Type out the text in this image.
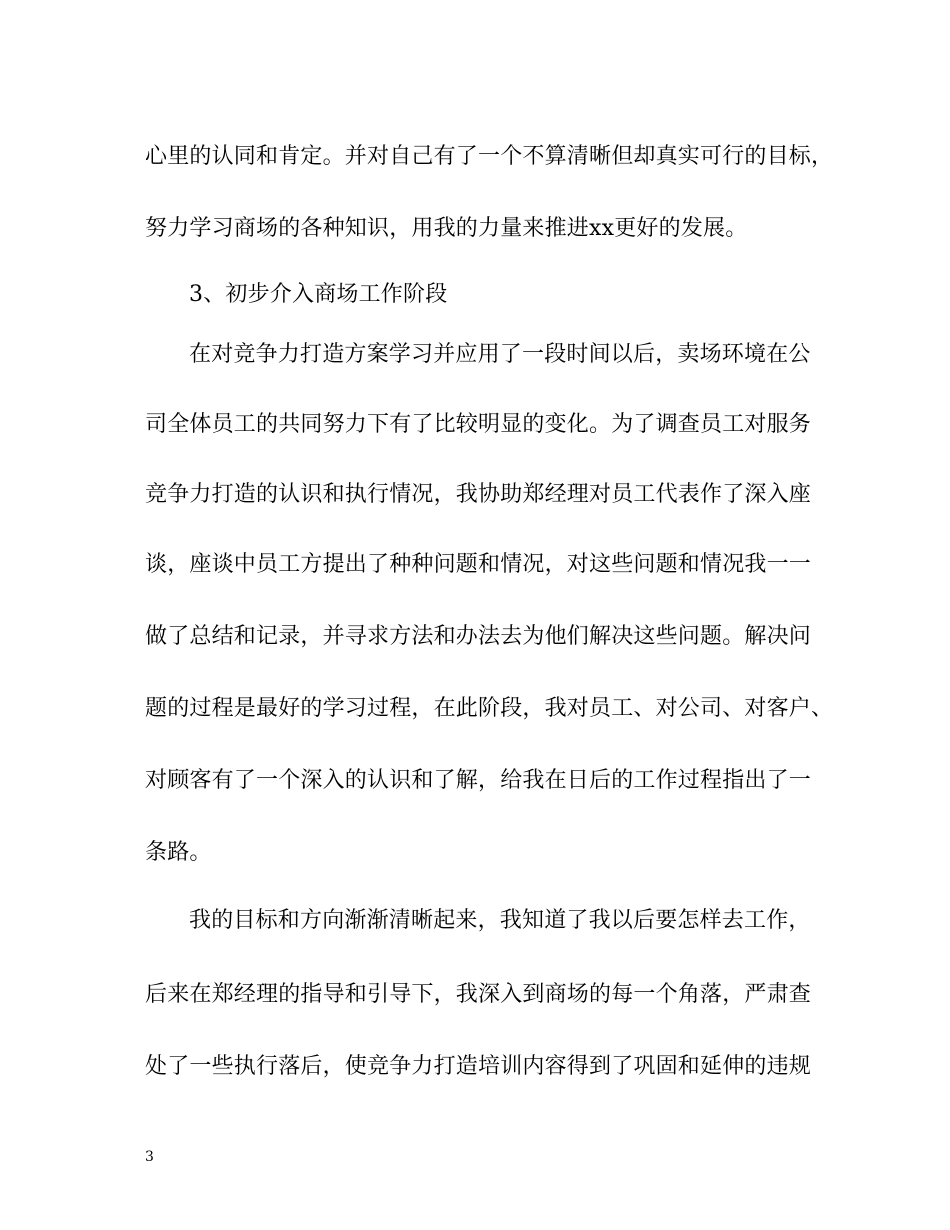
心里的认同和肯定。并对自己有了一个不算清晰但却真实可行的目标，
努力学习商场的各种知识，用我的力量来推进xx更好的发展。
3、初步介入商场工作阶段
在对竞争力打造方案学习并应用了一段时间以后，卖场环境在公
司全体员工的共同努力下有了比较明显的变化。为了调查员工对服务
竞争力打造的认识和执行情况，我协助郑经理对员工代表作了深入座
谈，座谈中员工方提出了种种问题和情况，对这些问题和情况我一一
做了总结和记录，并寻求方法和办法去为他们解决这些问题。解决问
题的过程是最好的学习过程，在此阶段，我对员工、对公司、对客户、
对顾客有了一个深入的认识和了解，给我在日后的工作过程指出了一
条路。
我的目标和方向渐渐清晰起来，我知道了我以后要怎样去工作，
后来在郑经理的指导和引导下，我深入到商场的每一个角落，严肃查
处了一些执行落后，使竞争力打造培训内容得到了巩固和延伸的违规
3
